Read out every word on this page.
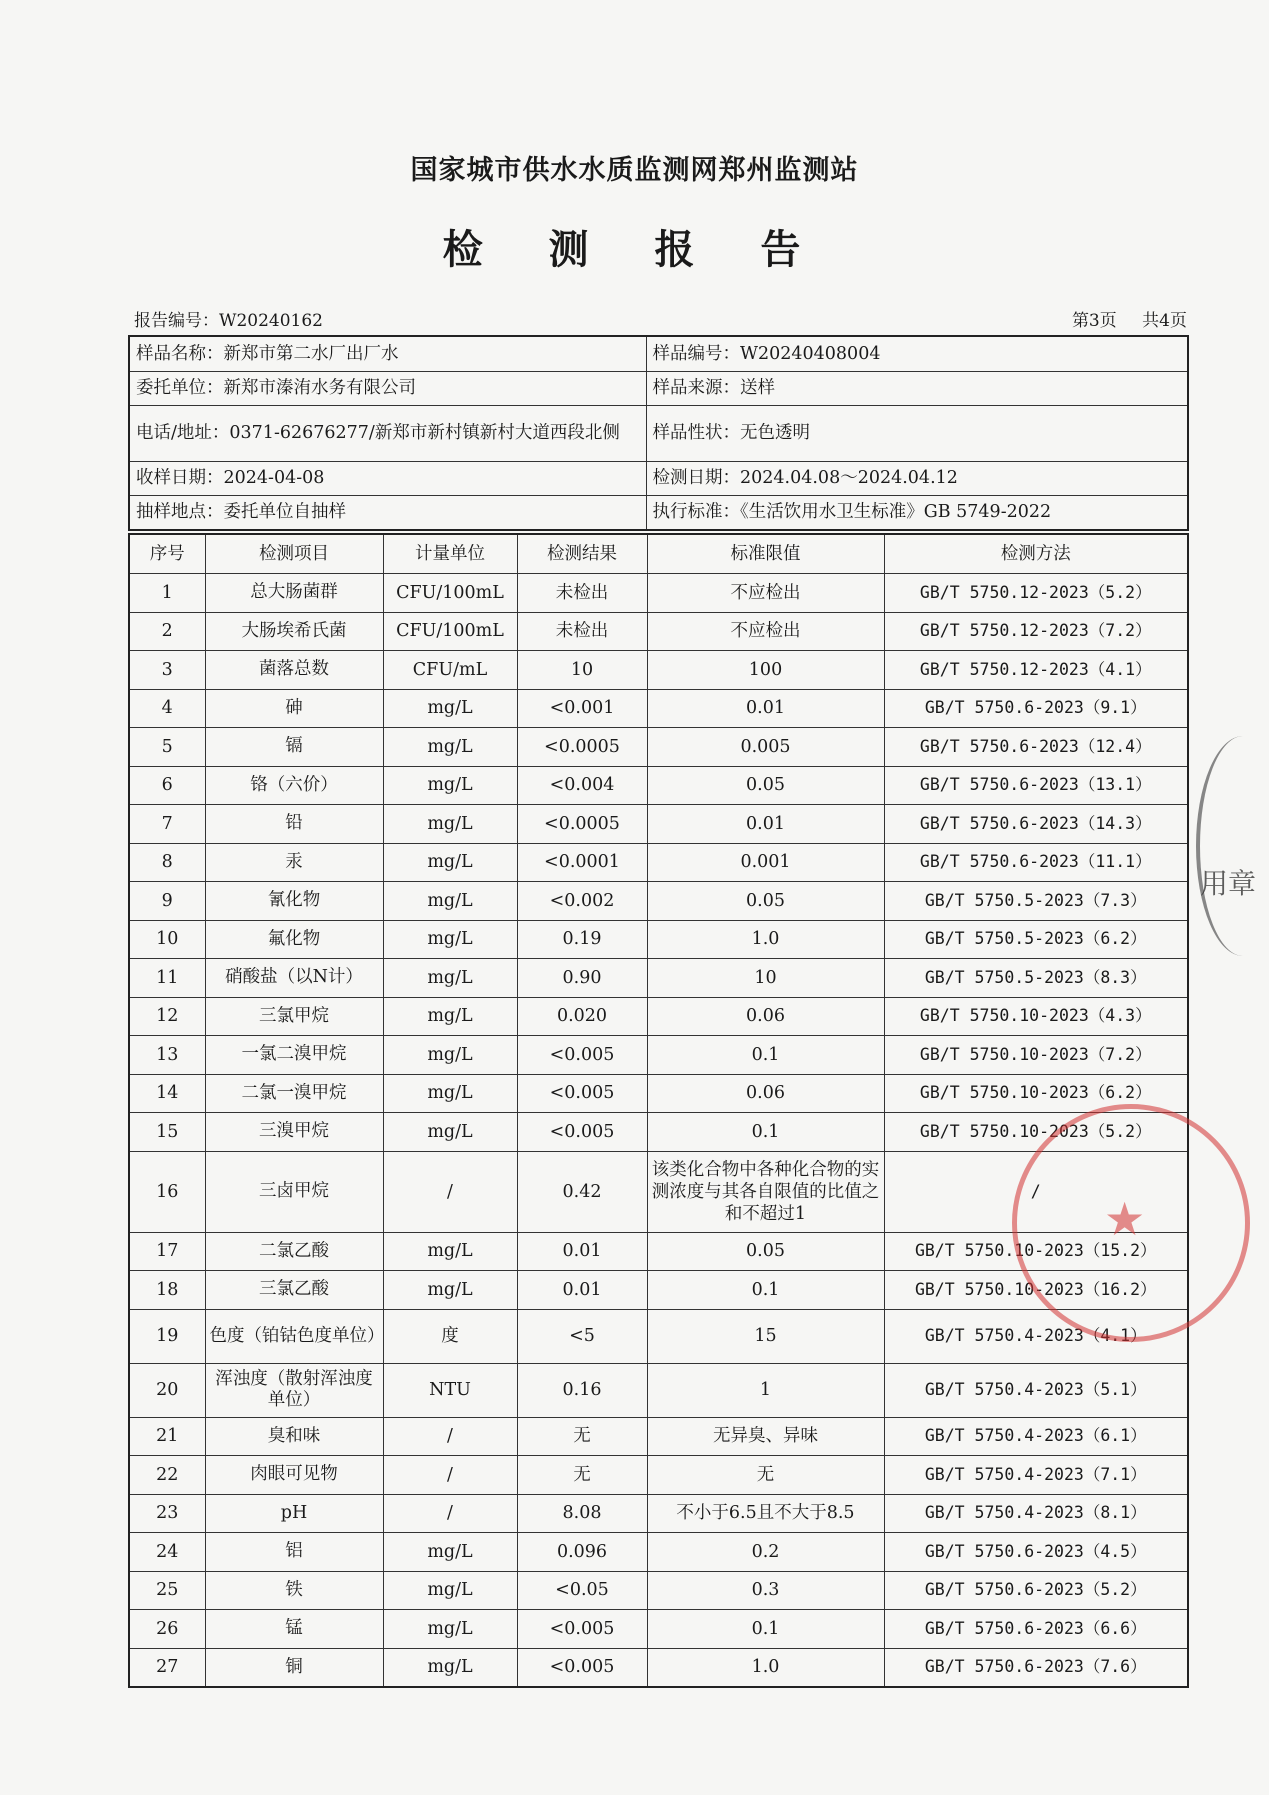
国家城市供水水质监测网郑州监测站
检 测 报 告
报告编号：W20240162	第3页 共4页
样品名称：新郑市第二水厂出厂水	样品编号：W20240408004
委托单位：新郑市溱洧水务有限公司	样品来源：送样
电话/地址：0371-62676277/新郑市新村镇新村大道西段北侧	样品性状：无色透明
收样日期：2024-04-08	检测日期：2024.04.08～2024.04.12
抽样地点：委托单位自抽样	执行标准：《生活饮用水卫生标准》GB 5749-2022
序号	检测项目	计量单位	检测结果	标准限值	检测方法
1	总大肠菌群	CFU/100mL	未检出	不应检出	GB/T 5750.12-2023（5.2）
2	大肠埃希氏菌	CFU/100mL	未检出	不应检出	GB/T 5750.12-2023（7.2）
3	菌落总数	CFU/mL	10	100	GB/T 5750.12-2023（4.1）
4	砷	mg/L	<0.001	0.01	GB/T 5750.6-2023（9.1）
5	镉	mg/L	<0.0005	0.005	GB/T 5750.6-2023（12.4）
6	铬（六价）	mg/L	<0.004	0.05	GB/T 5750.6-2023（13.1）
7	铅	mg/L	<0.0005	0.01	GB/T 5750.6-2023（14.3）
8	汞	mg/L	<0.0001	0.001	GB/T 5750.6-2023（11.1）
9	氰化物	mg/L	<0.002	0.05	GB/T 5750.5-2023（7.3）
10	氟化物	mg/L	0.19	1.0	GB/T 5750.5-2023（6.2）
11	硝酸盐（以N计）	mg/L	0.90	10	GB/T 5750.5-2023（8.3）
12	三氯甲烷	mg/L	0.020	0.06	GB/T 5750.10-2023（4.3）
13	一氯二溴甲烷	mg/L	<0.005	0.1	GB/T 5750.10-2023（7.2）
14	二氯一溴甲烷	mg/L	<0.005	0.06	GB/T 5750.10-2023（6.2）
15	三溴甲烷	mg/L	<0.005	0.1	GB/T 5750.10-2023（5.2）
16	三卤甲烷	/	0.42	该类化合物中各种化合物的实测浓度与其各自限值的比值之和不超过1	/
17	二氯乙酸	mg/L	0.01	0.05	GB/T 5750.10-2023（15.2）
18	三氯乙酸	mg/L	0.01	0.1	GB/T 5750.10-2023（16.2）
19	色度（铂钴色度单位）	度	<5	15	GB/T 5750.4-2023（4.1）
20	浑浊度（散射浑浊度单位）	NTU	0.16	1	GB/T 5750.4-2023（5.1）
21	臭和味	/	无	无异臭、异味	GB/T 5750.4-2023（6.1）
22	肉眼可见物	/	无	无	GB/T 5750.4-2023（7.1）
23	pH	/	8.08	不小于6.5且不大于8.5	GB/T 5750.4-2023（8.1）
24	铝	mg/L	0.096	0.2	GB/T 5750.6-2023（4.5）
25	铁	mg/L	<0.05	0.3	GB/T 5750.6-2023（5.2）
26	锰	mg/L	<0.005	0.1	GB/T 5750.6-2023（6.6）
27	铜	mg/L	<0.005	1.0	GB/T 5750.6-2023（7.6）
用章
★
